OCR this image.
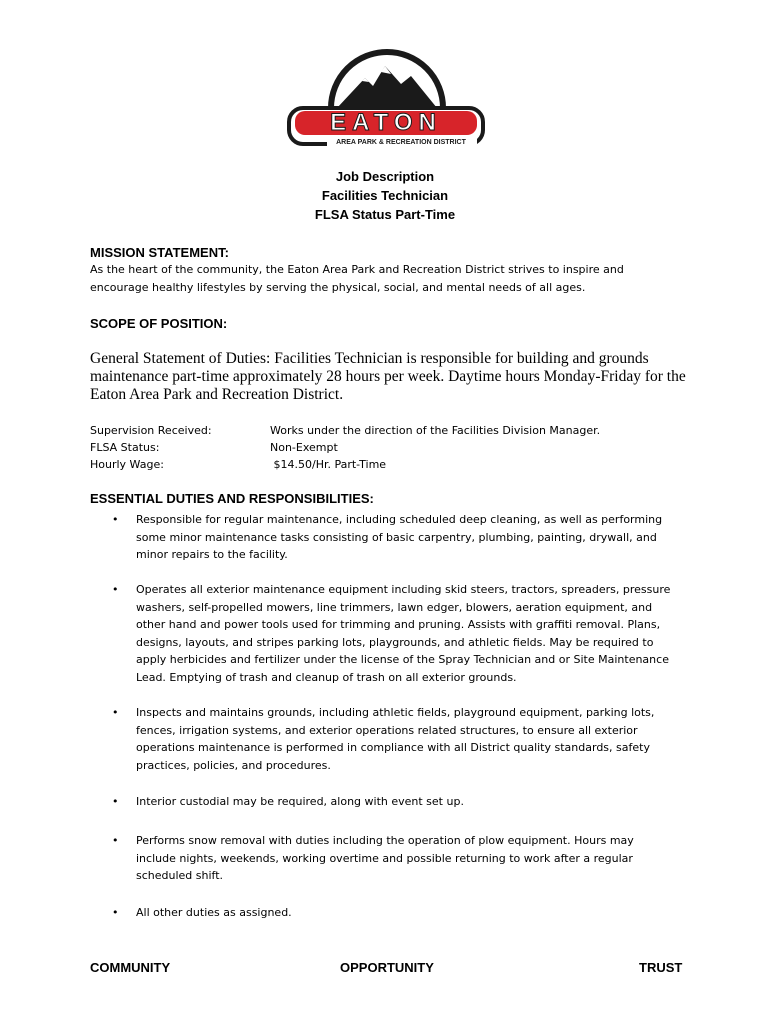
EATON
AREA PARK & RECREATION DISTRICT
Job Description
Facilities Technician
FLSA Status Part-Time
MISSION STATEMENT:
As the heart of the community, the Eaton Area Park and Recreation District strives to inspire and
encourage healthy lifestyles by serving the physical, social, and mental needs of all ages.
SCOPE OF POSITION:
General Statement of Duties: Facilities Technician is responsible for building and grounds
maintenance part-time approximately 28 hours per week. Daytime hours Monday-Friday for the
Eaton Area Park and Recreation District.
Supervision Received:	Works under the direction of the Facilities Division Manager.
FLSA Status:	Non-Exempt
Hourly Wage:	$14.50/Hr. Part-Time
ESSENTIAL DUTIES AND RESPONSIBILITIES:
• Responsible for regular maintenance, including scheduled deep cleaning, as well as performing
some minor maintenance tasks consisting of basic carpentry, plumbing, painting, drywall, and
minor repairs to the facility.
• Operates all exterior maintenance equipment including skid steers, tractors, spreaders, pressure
washers, self-propelled mowers, line trimmers, lawn edger, blowers, aeration equipment, and
other hand and power tools used for trimming and pruning. Assists with graffiti removal. Plans,
designs, layouts, and stripes parking lots, playgrounds, and athletic fields. May be required to
apply herbicides and fertilizer under the license of the Spray Technician and or Site Maintenance
Lead. Emptying of trash and cleanup of trash on all exterior grounds.
• Inspects and maintains grounds, including athletic fields, playground equipment, parking lots,
fences, irrigation systems, and exterior operations related structures, to ensure all exterior
operations maintenance is performed in compliance with all District quality standards, safety
practices, policies, and procedures.
• Interior custodial may be required, along with event set up.
• Performs snow removal with duties including the operation of plow equipment. Hours may
include nights, weekends, working overtime and possible returning to work after a regular
scheduled shift.
• All other duties as assigned.
COMMUNITY	OPPORTUNITY	TRUST
